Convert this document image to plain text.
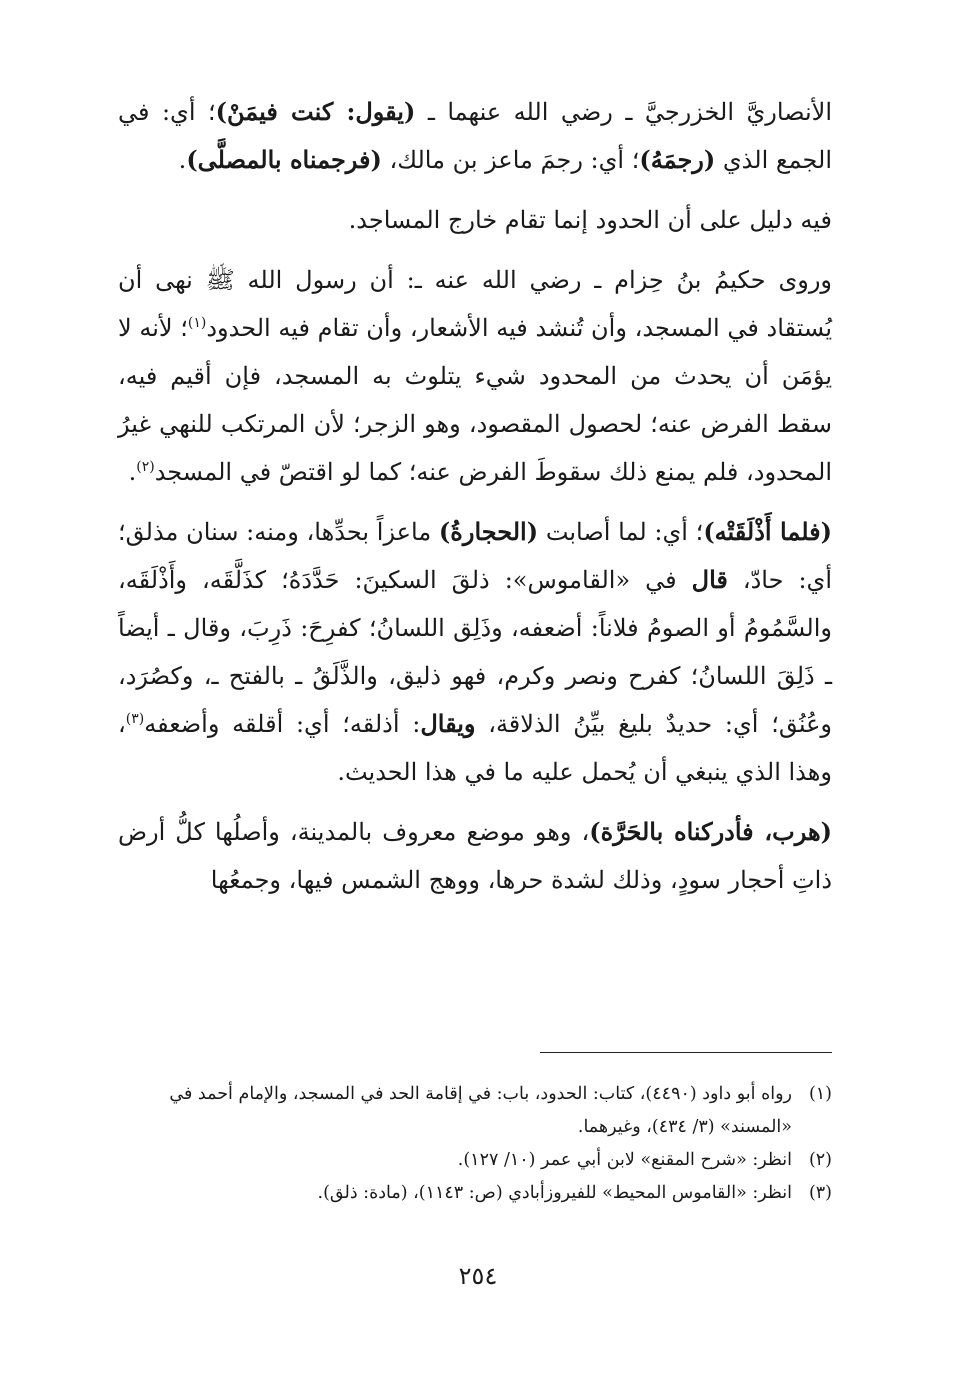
الأنصاريَّ الخزرجيَّ ـ رضي الله عنهما ـ (يقول: كنت فيمَنْ)؛ أي: في الجمع الذي (رجمَهُ)؛ أي: رجمَ ماعز بن مالك، (فرجمناه بالمصلَّى).

فيه دليل على أن الحدود إنما تقام خارج المساجد.

وروى حكيمُ بنُ حِزام ـ رضي الله عنه ـ: أن رسول الله ﷺ نهى أن يُستقاد في المسجد، وأن تُنشد فيه الأشعار، وأن تقام فيه الحدود$^{(١)}$؛ لأنه لا يؤمَن أن يحدث من المحدود شيء يتلوث به المسجد، فإن أقيم فيه، سقط الفرض عنه؛ لحصول المقصود، وهو الزجر؛ لأن المرتكب للنهي غيرُ المحدود، فلم يمنع ذلك سقوطَ الفرض عنه؛ كما لو اقتصّ في المسجد$^{(٢)}$.

(فلما أَذْلَقَتْه)؛ أي: لما أصابت (الحجارةُ) ماعزاً بحدِّها، ومنه: سنان مذلق؛ أي: حادّ، قال في «القاموس»: ذلقَ السكينَ: حَدَّدَهُ؛ كذَلَّقَه، وأَذْلَقَه، والسَّمُومُ أو الصومُ فلاناً: أضعفه، وذَلِق اللسانُ؛ كفرِحَ: ذَرِبَ، وقال ـ أيضاً ـ ذَلِقَ اللسانُ؛ كفرح ونصر وكرم، فهو ذليق، والذَّلَقُ ـ بالفتح ـ، وكصُرَد، وعُنُق؛ أي: حديدٌ بليغ بيِّنُ الذلاقة، ويقال: أذلقه؛ أي: أقلقه وأضعفه$^{(٣)}$، وهذا الذي ينبغي أن يُحمل عليه ما في هذا الحديث.

(هرب، فأدركناه بالحَرَّة)، وهو موضع معروف بالمدينة، وأصلُها كلُّ أرض ذاتِ أحجار سودٍ، وذلك لشدة حرها، ووهج الشمس فيها، وجمعُها

(١)
رواه أبو داود (٤٤٩٠)، كتاب: الحدود، باب: في إقامة الحد في المسجد، والإمام أحمد في «المسند» (٣/ ٤٣٤)، وغيرهما.
(٢)
انظر: «شرح المقنع» لابن أبي عمر (١٠/ ١٢٧).
(٣)
انظر: «القاموس المحيط» للفيروزأبادي (ص: ١١٤٣)، (مادة: ذلق).
٢٥٤
